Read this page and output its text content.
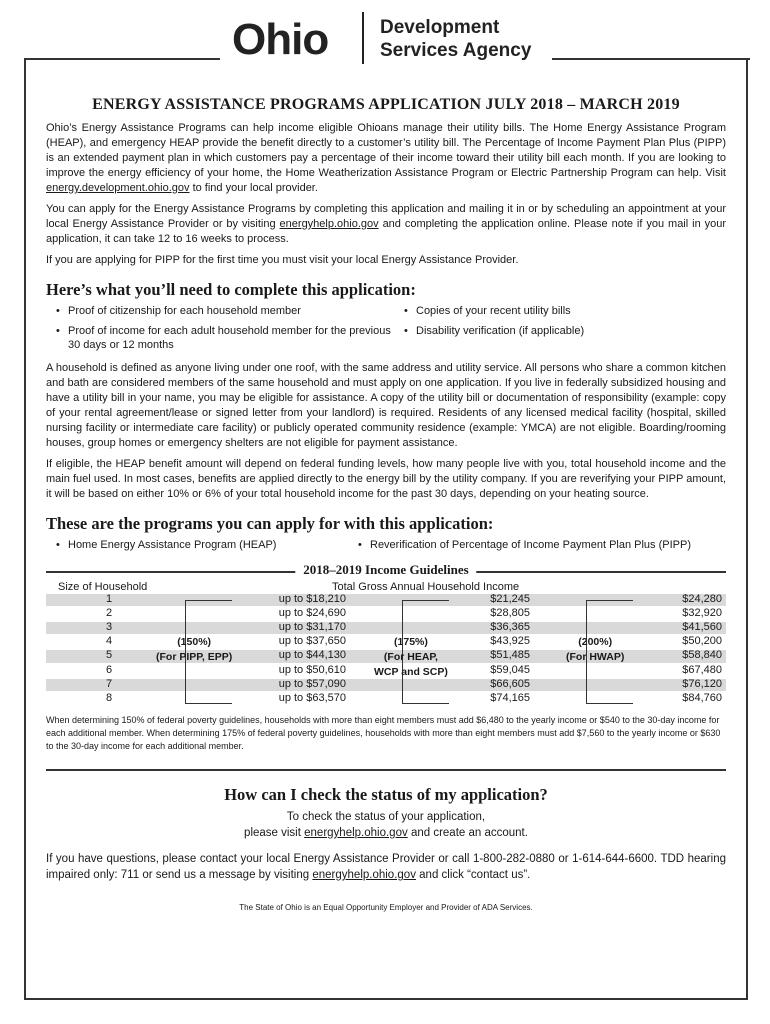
Ohio	Development
Services Agency
ENERGY ASSISTANCE PROGRAMS APPLICATION JULY 2018 – MARCH 2019

Ohio’s Energy Assistance Programs can help income eligible Ohioans manage their utility bills. The Home Energy Assistance Program (HEAP), and emergency HEAP provide the benefit directly to a customer’s utility bill. The Percentage of Income Payment Plan Plus (PIPP) is an extended payment plan in which customers pay a percentage of their income toward their utility bill each month. If you are looking to improve the energy efficiency of your home, the Home Weatherization Assistance Program or Electric Partnership Program can help. Visit energy.development.ohio.gov to find your local provider.

You can apply for the Energy Assistance Programs by completing this application and mailing it in or by scheduling an appointment at your local Energy Assistance Provider or by visiting energyhelp.ohio.gov and completing the application online. Please note if you mail in your application, it can take 12 to 16 weeks to process.

If you are applying for PIPP for the first time you must visit your local Energy Assistance Provider.

Here’s what you’ll need to complete this application:
• Proof of citizenship for each household member	• Copies of your recent utility bills
• Proof of income for each adult household member for the previous 30 days or 12 months
• Disability verification (if applicable)

A household is defined as anyone living under one roof, with the same address and utility service. All persons who share a common kitchen and bath are considered members of the same household and must apply on one application. If you live in federally subsidized housing and have a utility bill in your name, you may be eligible for assistance. A copy of the utility bill or documentation of responsibility (example: copy of your rental agreement/lease or signed letter from your landlord) is required. Residents of any licensed medical facility (hospital, skilled nursing facility or intermediate care facility) or publicly operated community residence (example: YMCA) are not eligible. Boarding/rooming houses, group homes or emergency shelters are not eligible for payment assistance.

If eligible, the HEAP benefit amount will depend on federal funding levels, how many people live with you, total household income and the main fuel used. In most cases, benefits are applied directly to the energy bill by the utility company. If you are reverifying your PIPP amount, it will be based on either 10% or 6% of your total household income for the past 30 days, depending on your heating source.

These are the programs you can apply for with this application:
• Home Energy Assistance Program (HEAP)	• Reverification of Percentage of Income Payment Plan Plus (PIPP)
2018–2019 Income Guidelines
Size of Household	Total Gross Annual Household Income
1	up to $18,210	$21,245	$24,280
2	up to $24,690	$28,805	$32,920
3	up to $31,170	$36,365	$41,560
4	up to $37,650	$43,925	$50,200
5	up to $44,130	$51,485	$58,840
6	up to $50,610	$59,045	$67,480
7	up to $57,090	$66,605	$76,120
8	up to $63,570	$74,165	$84,760
(150%)
(For PIPP, EPP)
(175%)
(For HEAP,
WCP and SCP)
(200%)
(For HWAP)

When determining 150% of federal poverty guidelines, households with more than eight members must add $6,480 to the yearly income or $540 to the 30-day income for each additional member. When determining 175% of federal poverty guidelines, households with more than eight members must add $7,560 to the yearly income or $630 to the 30-day income for each additional member.

How can I check the status of my application?
To check the status of your application,
please visit energyhelp.ohio.gov and create an account.

If you have questions, please contact your local Energy Assistance Provider or call 1-800-282-0880 or 1-614-644-6600. TDD hearing impaired only: 711 or send us a message by visiting energyhelp.ohio.gov and click “contact us”.

The State of Ohio is an Equal Opportunity Employer and Provider of ADA Services.
